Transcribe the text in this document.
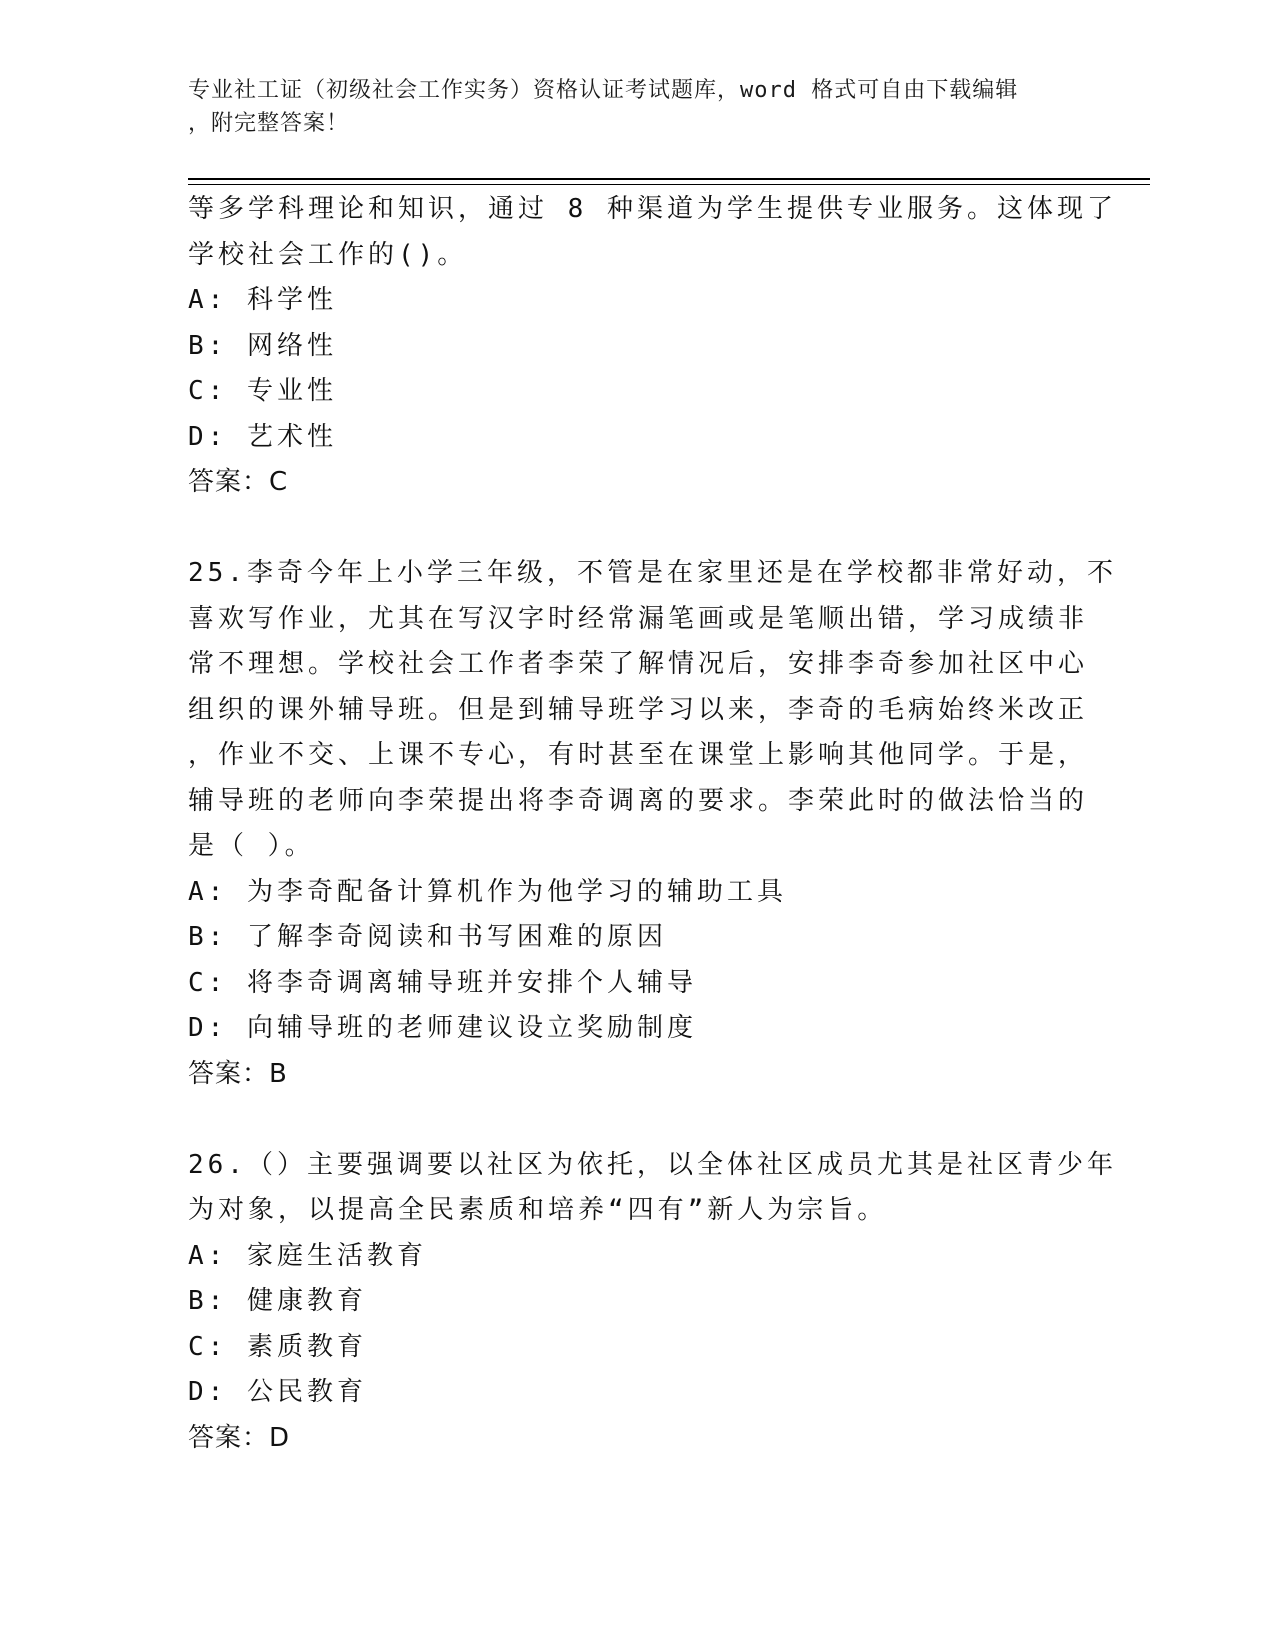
专业社工证（初级社会工作实务）资格认证考试题库，word 格式可自由下载编辑
，附完整答案！
等多学科理论和知识，通过 8 种渠道为学生提供专业服务。这体现了
学校社会工作的()。
A: 科学性
B: 网络性
C: 专业性
D: 艺术性
答案：C
25.李奇今年上小学三年级，不管是在家里还是在学校都非常好动，不
喜欢写作业，尤其在写汉字时经常漏笔画或是笔顺出错，学习成绩非
常不理想。学校社会工作者李荣了解情况后，安排李奇参加社区中心
组织的课外辅导班。但是到辅导班学习以来，李奇的毛病始终米改正
，作业不交、上课不专心，有时甚至在课堂上影响其他同学。于是，
辅导班的老师向李荣提出将李奇调离的要求。李荣此时的做法恰当的
是（ ）。
A: 为李奇配备计算机作为他学习的辅助工具
B: 了解李奇阅读和书写困难的原因
C: 将李奇调离辅导班并安排个人辅导
D: 向辅导班的老师建议设立奖励制度
答案：B
26.（）主要强调要以社区为依托，以全体社区成员尤其是社区青少年
为对象，以提高全民素质和培养“四有”新人为宗旨。
A: 家庭生活教育
B: 健康教育
C: 素质教育
D: 公民教育
答案：D
